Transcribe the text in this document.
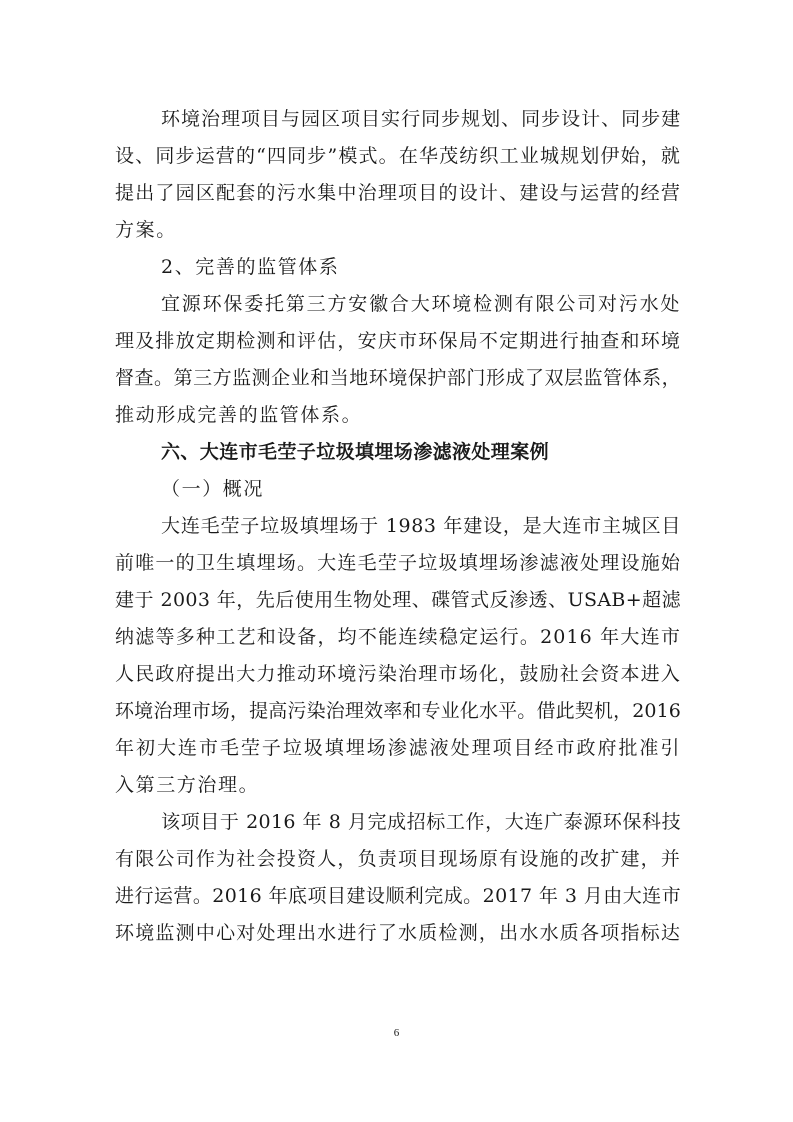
环境治理项目与园区项目实行同步规划、同步设计、同步建
设、同步运营的“四同步”模式。在华茂纺织工业城规划伊始，就
提出了园区配套的污水集中治理项目的设计、建设与运营的经营
方案。
2、完善的监管体系
宜源环保委托第三方安徽合大环境检测有限公司对污水处
理及排放定期检测和评估，安庆市环保局不定期进行抽查和环境
督查。第三方监测企业和当地环境保护部门形成了双层监管体系，
推动形成完善的监管体系。
六、大连市毛茔子垃圾填埋场渗滤液处理案例
（一）概况
大连毛茔子垃圾填埋场于 1983 年建设，是大连市主城区目
前唯一的卫生填埋场。大连毛茔子垃圾填埋场渗滤液处理设施始
建于 2003 年，先后使用生物处理、碟管式反渗透、USAB+超滤
纳滤等多种工艺和设备，均不能连续稳定运行。2016 年大连市
人民政府提出大力推动环境污染治理市场化，鼓励社会资本进入
环境治理市场，提高污染治理效率和专业化水平。借此契机，2016
年初大连市毛茔子垃圾填埋场渗滤液处理项目经市政府批准引
入第三方治理。
该项目于 2016 年 8 月完成招标工作，大连广泰源环保科技
有限公司作为社会投资人，负责项目现场原有设施的改扩建，并
进行运营。2016 年底项目建设顺利完成。2017 年 3 月由大连市
环境监测中心对处理出水进行了水质检测，出水水质各项指标达
6
